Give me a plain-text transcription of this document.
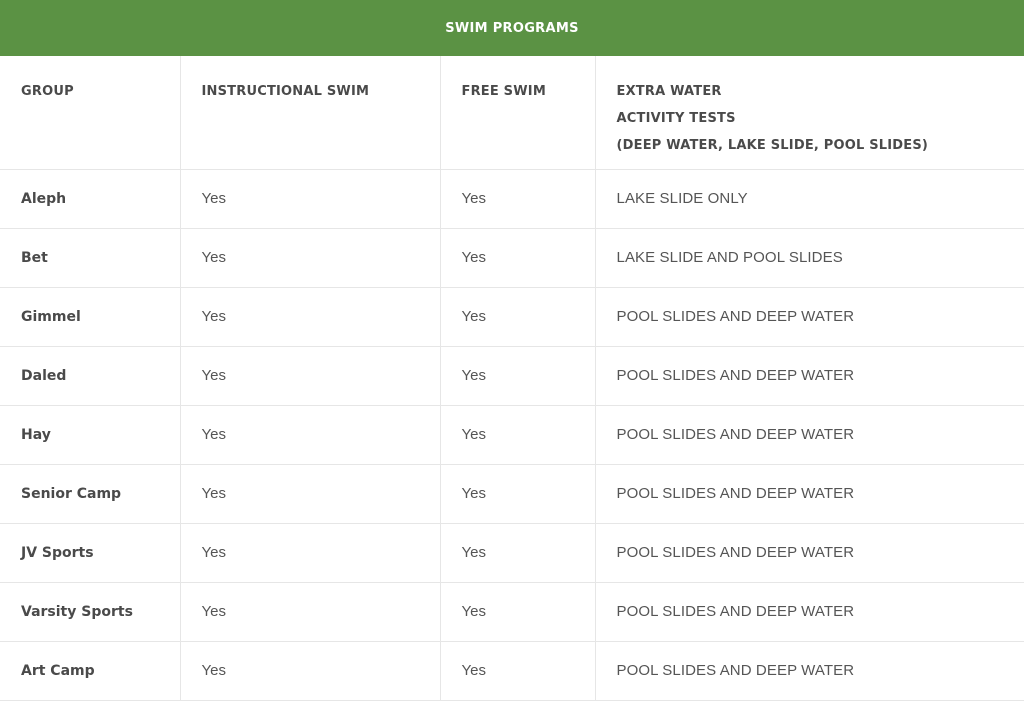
SWIM PROGRAMS
GROUP	INSTRUCTIONAL SWIM	FREE SWIM	EXTRA WATER
ACTIVITY TESTS
(DEEP WATER, LAKE SLIDE, POOL SLIDES)

Aleph	Yes	Yes	LAKE SLIDE ONLY
Bet	Yes	Yes	LAKE SLIDE AND POOL SLIDES
Gimmel	Yes	Yes	POOL SLIDES AND DEEP WATER
Daled	Yes	Yes	POOL SLIDES AND DEEP WATER
Hay	Yes	Yes	POOL SLIDES AND DEEP WATER
Senior Camp	Yes	Yes	POOL SLIDES AND DEEP WATER
JV Sports	Yes	Yes	POOL SLIDES AND DEEP WATER
Varsity Sports	Yes	Yes	POOL SLIDES AND DEEP WATER
Art Camp	Yes	Yes	POOL SLIDES AND DEEP WATER
